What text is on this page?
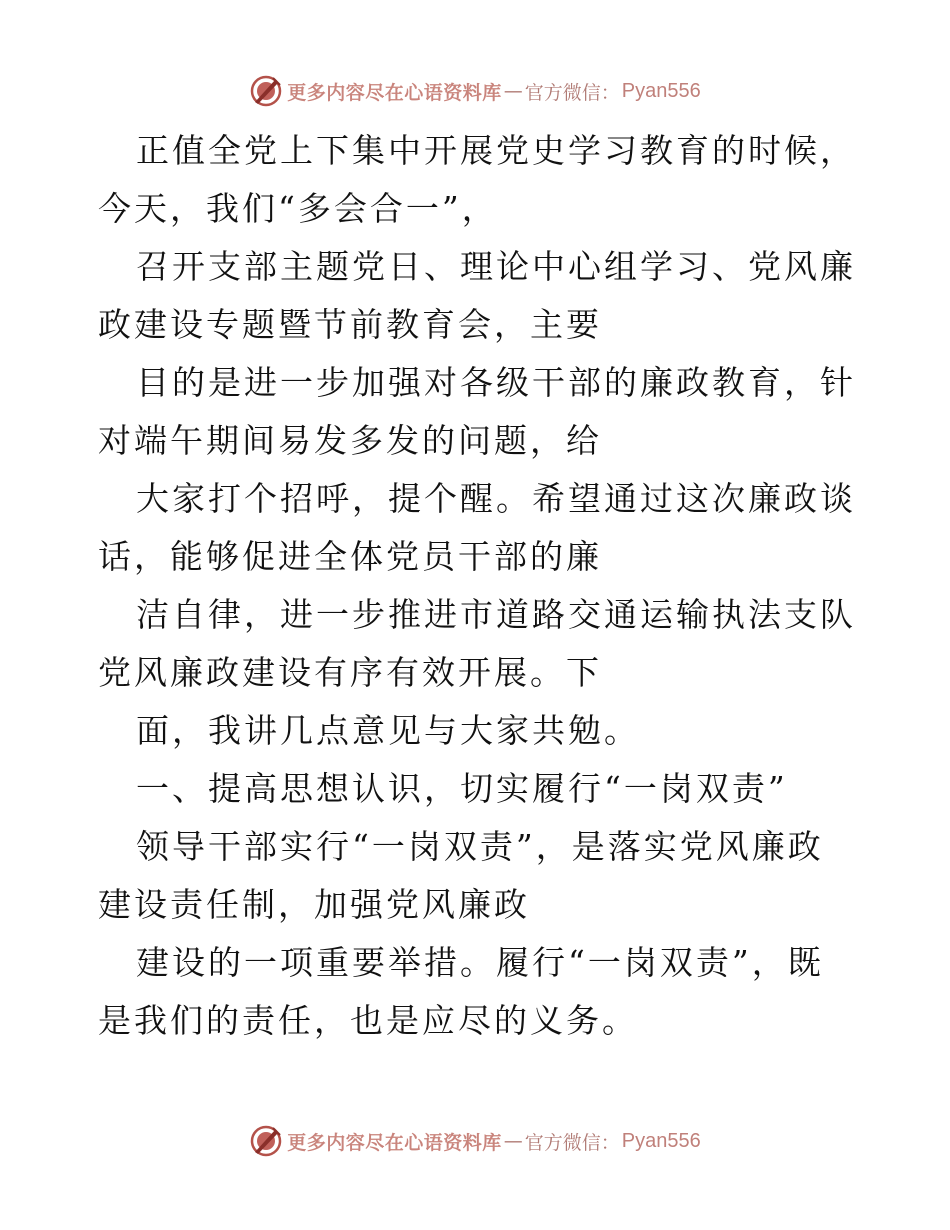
更多内容尽在心语资料库 — 官方微信： Pyan556

正值全党上下集中开展党史学习教育的时候，今天，我们“多会合一”，

召开支部主题党日、理论中心组学习、党风廉政建设专题暨节前教育会，主要

目的是进一步加强对各级干部的廉政教育，针对端午期间易发多发的问题，给

大家打个招呼，提个醒。希望通过这次廉政谈话，能够促进全体党员干部的廉

洁自律，进一步推进市道路交通运输执法支队党风廉政建设有序有效开展。下

面，我讲几点意见与大家共勉。

一、提高思想认识，切实履行“一岗双责”

领导干部实行“一岗双责”，是落实党风廉政建设责任制，加强党风廉政

建设的一项重要举措。履行“一岗双责”，既是我们的责任，也是应尽的义务。

更多内容尽在心语资料库 — 官方微信： Pyan556
